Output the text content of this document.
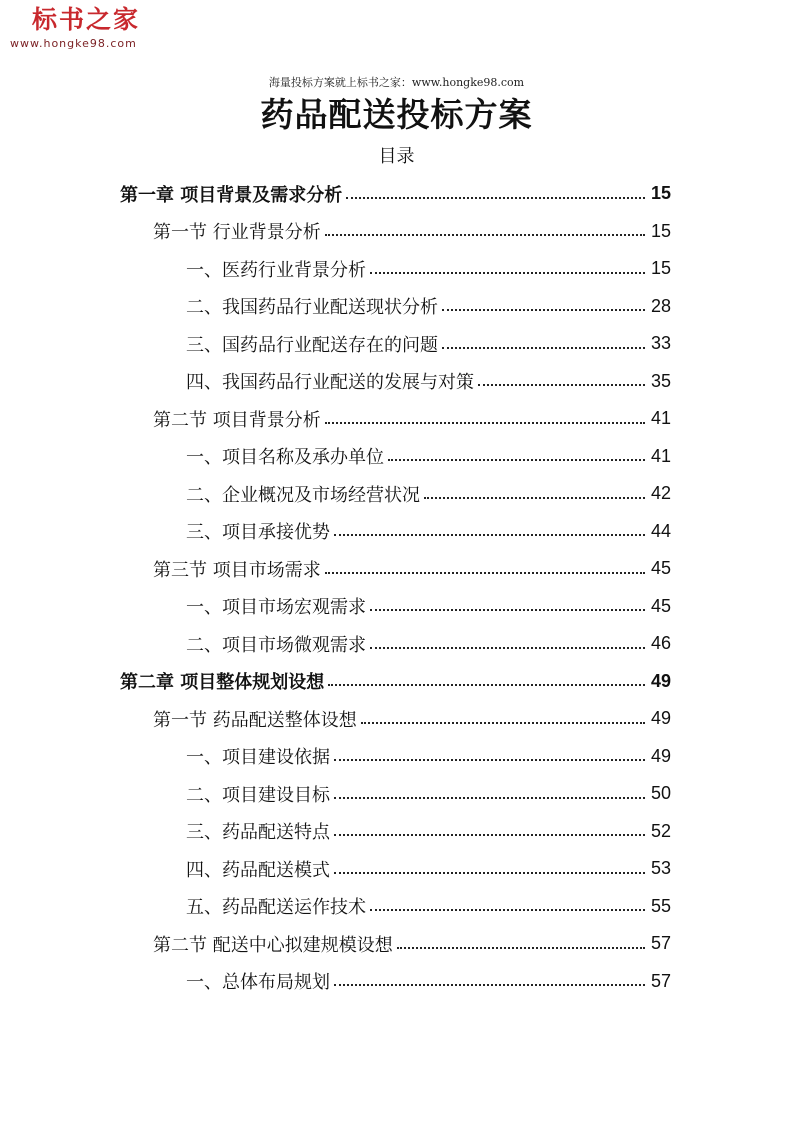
标书之家
www.hongke98.com
海量投标方案就上标书之家：www.hongke98.com
药品配送投标方案
目录
第一章 项目背景及需求分析	15
第一节 行业背景分析	15
一、医药行业背景分析	15
二、我国药品行业配送现状分析	28
三、国药品行业配送存在的问题	33
四、我国药品行业配送的发展与对策	35
第二节 项目背景分析	41
一、项目名称及承办单位	41
二、企业概况及市场经营状况	42
三、项目承接优势	44
第三节 项目市场需求	45
一、项目市场宏观需求	45
二、项目市场微观需求	46
第二章 项目整体规划设想	49
第一节 药品配送整体设想	49
一、项目建设依据	49
二、项目建设目标	50
三、药品配送特点	52
四、药品配送模式	53
五、药品配送运作技术	55
第二节 配送中心拟建规模设想	57
一、总体布局规划	57
